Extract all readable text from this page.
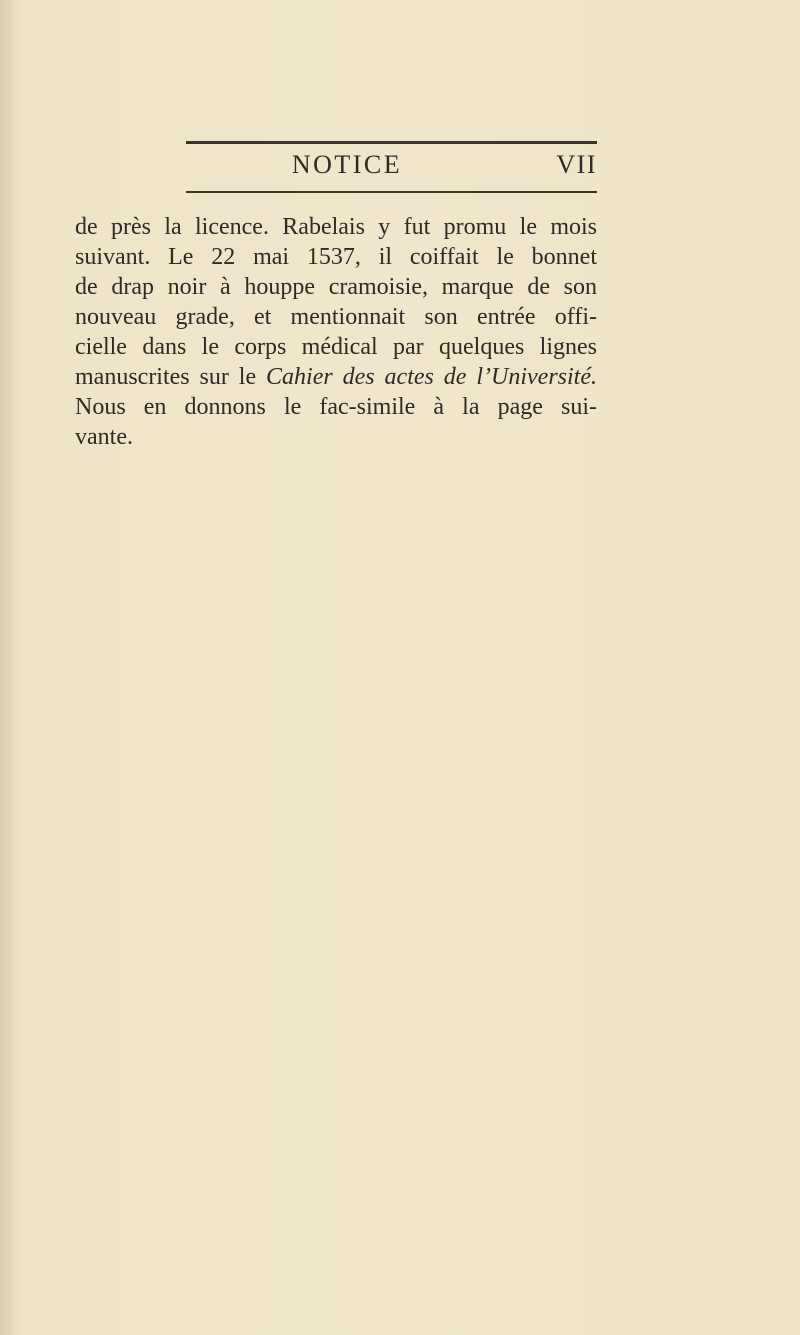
NOTICE	VII
de près la licence. Rabelais y fut promu le mois
suivant. Le 22 mai 1537, il coiffait le bonnet
de drap noir à houppe cramoisie, marque de son
nouveau grade, et mentionnait son entrée offi-
cielle dans le corps médical par quelques lignes
manuscrites sur le Cahier des actes de l’Université.
Nous en donnons le fac-simile à la page sui-
vante.
